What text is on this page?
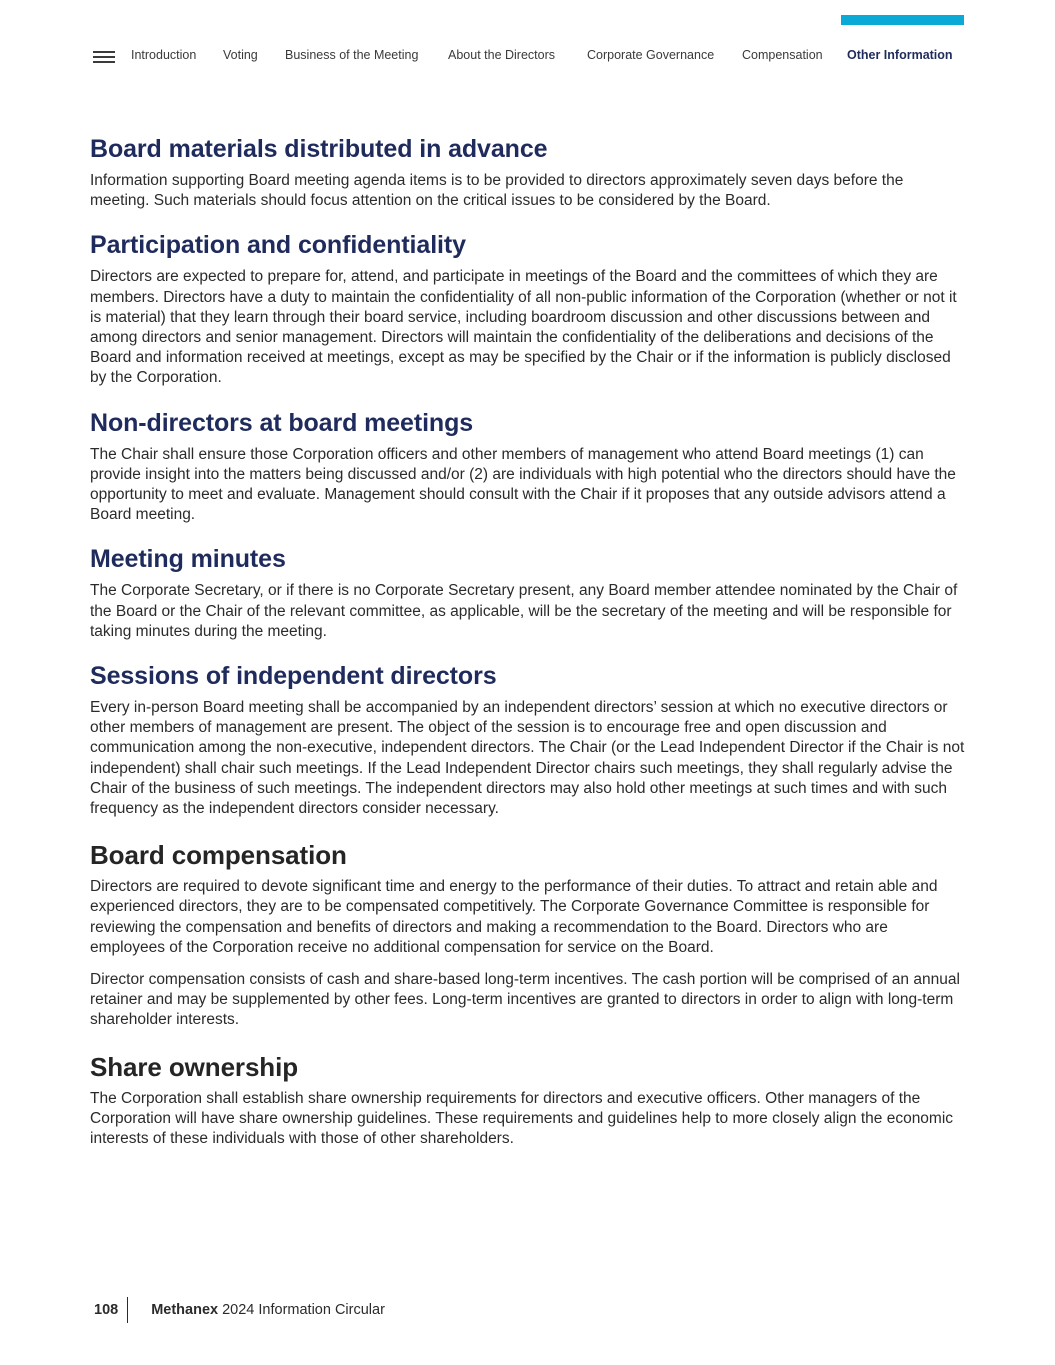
Introduction Voting Business of the Meeting About the Directors	Corporate Governance Compensation Other Information
Board materials distributed in advance

Information supporting Board meeting agenda items is to be provided to directors approximately seven days before the meeting. Such materials should focus attention on the critical issues to be considered by the Board.

Participation and confidentiality

Directors are expected to prepare for, attend, and participate in meetings of the Board and the committees of which they are members. Directors have a duty to maintain the confidentiality of all non-public information of the Corporation (whether or not it is material) that they learn through their board service, including boardroom discussion and other discussions between and among directors and senior management. Directors will maintain the confidentiality of the deliberations and decisions of the Board and information received at meetings, except as may be specified by the Chair or if the information is publicly disclosed by the Corporation.

Non-directors at board meetings

The Chair shall ensure those Corporation officers and other members of management who attend Board meetings (1) can provide insight into the matters being discussed and/or (2) are individuals with high potential who the directors should have the opportunity to meet and evaluate. Management should consult with the Chair if it proposes that any outside advisors attend a Board meeting.

Meeting minutes

The Corporate Secretary, or if there is no Corporate Secretary present, any Board member attendee nominated by the Chair of the Board or the Chair of the relevant committee, as applicable, will be the secretary of the meeting and will be responsible for taking minutes during the meeting.

Sessions of independent directors

Every in-person Board meeting shall be accompanied by an independent directors’ session at which no executive directors or other members of management are present. The object of the session is to encourage free and open discussion and communication among the non-executive, independent directors. The Chair (or the Lead Independent Director if the Chair is not independent) shall chair such meetings. If the Lead Independent Director chairs such meetings, they shall regularly advise the Chair of the business of such meetings. The independent directors may also hold other meetings at such times and with such frequency as the independent directors consider necessary.

Board compensation

Directors are required to devote significant time and energy to the performance of their duties. To attract and retain able and experienced directors, they are to be compensated competitively. The Corporate Governance Committee is responsible for reviewing the compensation and benefits of directors and making a recommendation to the Board. Directors who are employees of the Corporation receive no additional compensation for service on the Board.

Director compensation consists of cash and share-based long-term incentives. The cash portion will be comprised of an annual retainer and may be supplemented by other fees. Long-term incentives are granted to directors in order to align with long-term shareholder interests.

Share ownership

The Corporation shall establish share ownership requirements for directors and executive officers. Other managers of the Corporation will have share ownership guidelines. These requirements and guidelines help to more closely align the economic interests of these individuals with those of other shareholders.

108	Methanex 2024 Information Circular
